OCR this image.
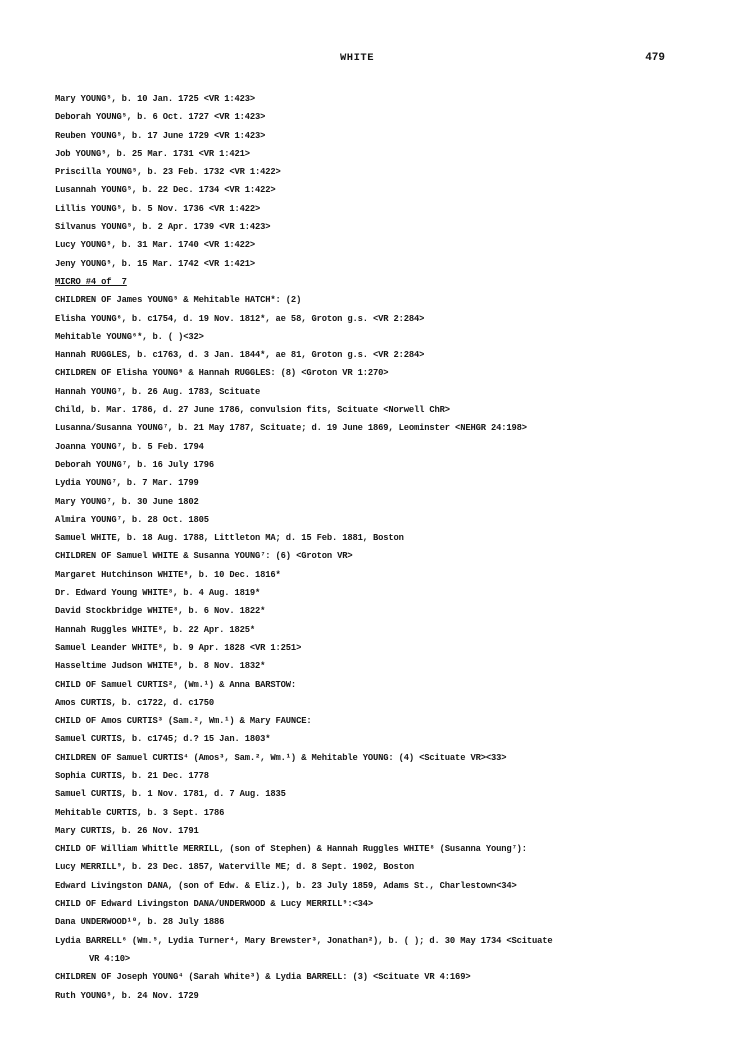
WHITE	479
Mary YOUNG⁵, b. 10 Jan. 1725 <VR 1:423>
Deborah YOUNG⁵, b. 6 Oct. 1727 <VR 1:423>
Reuben YOUNG⁵, b. 17 June 1729 <VR 1:423>
Job YOUNG⁵, b. 25 Mar. 1731 <VR 1:421>
Priscilla YOUNG⁵, b. 23 Feb. 1732 <VR 1:422>
Lusannah YOUNG⁵, b. 22 Dec. 1734 <VR 1:422>
Lillis YOUNG⁵, b. 5 Nov. 1736 <VR 1:422>
Silvanus YOUNG⁵, b. 2 Apr. 1739 <VR 1:423>
Lucy YOUNG⁵, b. 31 Mar. 1740 <VR 1:422>
Jeny YOUNG⁵, b. 15 Mar. 1742 <VR 1:421>
MICRO #4 of  7
CHILDREN OF James YOUNG⁵ & Mehitable HATCH*: (2)
Elisha YOUNG⁶, b. c1754, d. 19 Nov. 1812*, ae 58, Groton g.s. <VR 2:284>
Mehitable YOUNG⁶*, b. ( )<32>
Hannah RUGGLES, b. c1763, d. 3 Jan. 1844*, ae 81, Groton g.s. <VR 2:284>
CHILDREN OF Elisha YOUNG⁶ & Hannah RUGGLES: (8) <Groton VR 1:270>
Hannah YOUNG⁷, b. 26 Aug. 1783, Scituate
Child, b. Mar. 1786, d. 27 June 1786, convulsion fits, Scituate <Norwell ChR>
Lusanna/Susanna YOUNG⁷, b. 21 May 1787, Scituate; d. 19 June 1869, Leominster <NEHGR 24:198>
Joanna YOUNG⁷, b. 5 Feb. 1794
Deborah YOUNG⁷, b. 16 July 1796
Lydia YOUNG⁷, b. 7 Mar. 1799
Mary YOUNG⁷, b. 30 June 1802
Almira YOUNG⁷, b. 28 Oct. 1805
Samuel WHITE, b. 18 Aug. 1788, Littleton MA; d. 15 Feb. 1881, Boston
CHILDREN OF Samuel WHITE & Susanna YOUNG⁷: (6) <Groton VR>
Margaret Hutchinson WHITE⁸, b. 10 Dec. 1816*
Dr. Edward Young WHITE⁸, b. 4 Aug. 1819*
David Stockbridge WHITE⁸, b. 6 Nov. 1822*
Hannah Ruggles WHITE⁸, b. 22 Apr. 1825*
Samuel Leander WHITE⁸, b. 9 Apr. 1828 <VR 1:251>
Hasseltime Judson WHITE⁸, b. 8 Nov. 1832*
CHILD OF Samuel CURTIS², (Wm.¹) & Anna BARSTOW:
Amos CURTIS, b. c1722, d. c1750
CHILD OF Amos CURTIS³ (Sam.², Wm.¹) & Mary FAUNCE:
Samuel CURTIS, b. c1745; d.? 15 Jan. 1803*
CHILDREN OF Samuel CURTIS⁴ (Amos³, Sam.², Wm.¹) & Mehitable YOUNG: (4) <Scituate VR><33>
Sophia CURTIS, b. 21 Dec. 1778
Samuel CURTIS, b. 1 Nov. 1781, d. 7 Aug. 1835
Mehitable CURTIS, b. 3 Sept. 1786
Mary CURTIS, b. 26 Nov. 1791
CHILD OF William Whittle MERRILL, (son of Stephen) & Hannah Ruggles WHITE⁸ (Susanna Young⁷):
Lucy MERRILL⁹, b. 23 Dec. 1857, Waterville ME; d. 8 Sept. 1902, Boston
Edward Livingston DANA, (son of Edw. & Eliz.), b. 23 July 1859, Adams St., Charlestown<34>
CHILD OF Edward Livingston DANA/UNDERWOOD & Lucy MERRILL⁹:<34>
Dana UNDERWOOD¹⁰, b. 28 July 1886
Lydia BARRELL⁶ (Wm.⁵, Lydia Turner⁴, Mary Brewster³, Jonathan²), b. ( ); d. 30 May 1734 <Scituate
VR 4:10>
CHILDREN OF Joseph YOUNG⁴ (Sarah White³) & Lydia BARRELL: (3) <Scituate VR 4:169>
Ruth YOUNG⁵, b. 24 Nov. 1729
